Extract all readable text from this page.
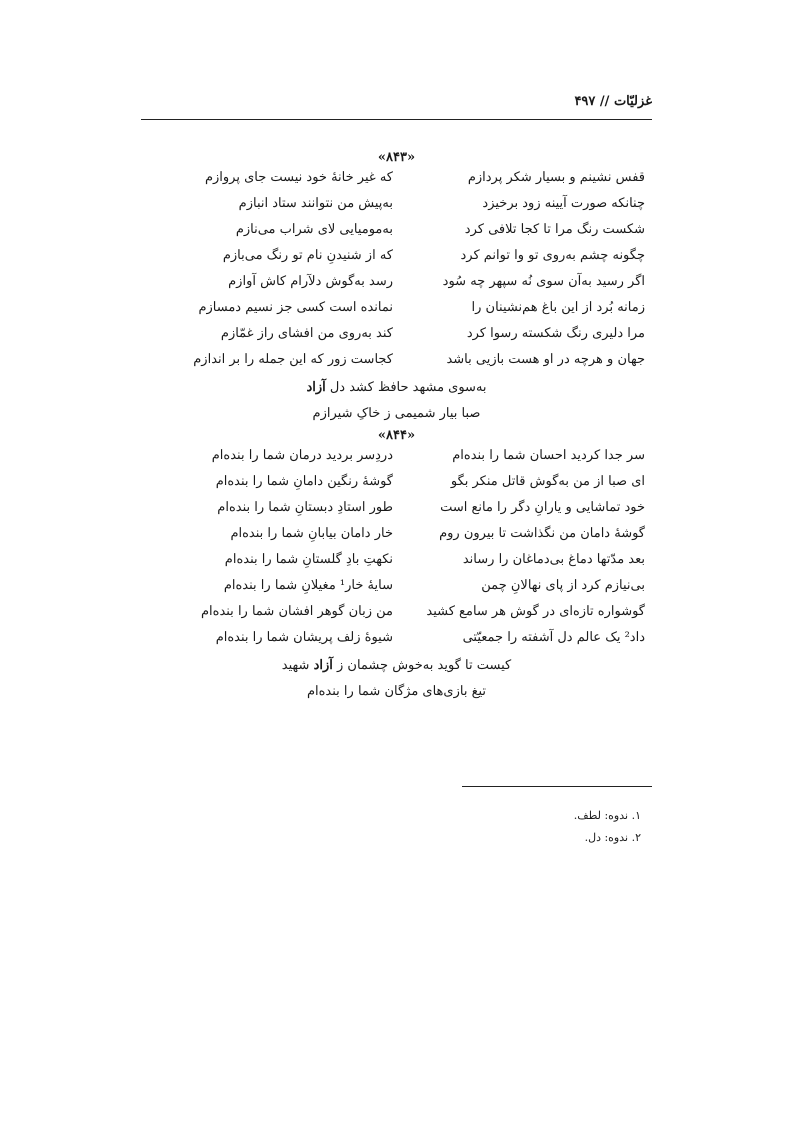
غزلیّات // ۴۹۷
«۸۴۳»
قفس نشینم و بسیار شکر پردازم
که غیر خانهٔ خود نیست جای پروازم
چنانکه صورت آیینه زود برخیزد
به‌پیش من نتوانند ستاد انبازم
شکست رنگ مرا تا کجا تلافی کرد
به‌مومیایی لای شراب می‌نازم
چگونه چشم به‌روی تو وا توانم کرد
که از شنیدنِ نام تو رنگ می‌بازم
اگر رسید به‌آن سوی نُه سپهر چه سُود
رسد به‌گوش دلآرام کاش آوازم
زمانه بُرد از این باغ هم‌نشینان را
نمانده است کسی جز نسیم دمسازم
مرا دلیری رنگ شکسته رسوا کرد
کند به‌روی من افشای راز غمّازم
جهان و هرچه در او هست بازیی باشد
کجاست زور که این جمله را بر اندازم
به‌سوی مشهد حافظ کشد دل آزاد
صبا بیار شمیمی ز خاکِ شیرازم
«۸۴۴»
سر جدا کردید احسان شما را بنده‌ام
دردِسر بردید درمان شما را بنده‌ام
ای صبا از من به‌گوش قاتل منکر بگو
گوشهٔ رنگین دامانِ شما را بنده‌ام
خود تماشایی و یارانِ دگر را مانع است
طور استادِ دبستانِ شما را بنده‌ام
گوشهٔ دامان من نگذاشت تا بیرون روم
خار دامان بیابانِ شما را بنده‌ام
بعد مدّتها دماغ بی‌دماغان را رساند
نکهتِ بادِ گلستانِ شما را بنده‌ام
بی‌نیازم کرد از پای نهالانِ چمن
سایهٔ خار¹ مغیلانِ شما را بنده‌ام
گوشواره تازه‌ای در گوش هر سامع کشید
من زبان گوهر افشان شما را بنده‌ام
داد² یک عالم دل آشفته را جمعیّتی
شیوهٔ زلف پریشان شما را بنده‌ام
کیست تا گوید به‌خوش چشمان ز آزاد شهید
تیغ بازی‌های مژگان شما را بنده‌ام
۱. ندوه: لطف.
۲. ندوه: دل.
